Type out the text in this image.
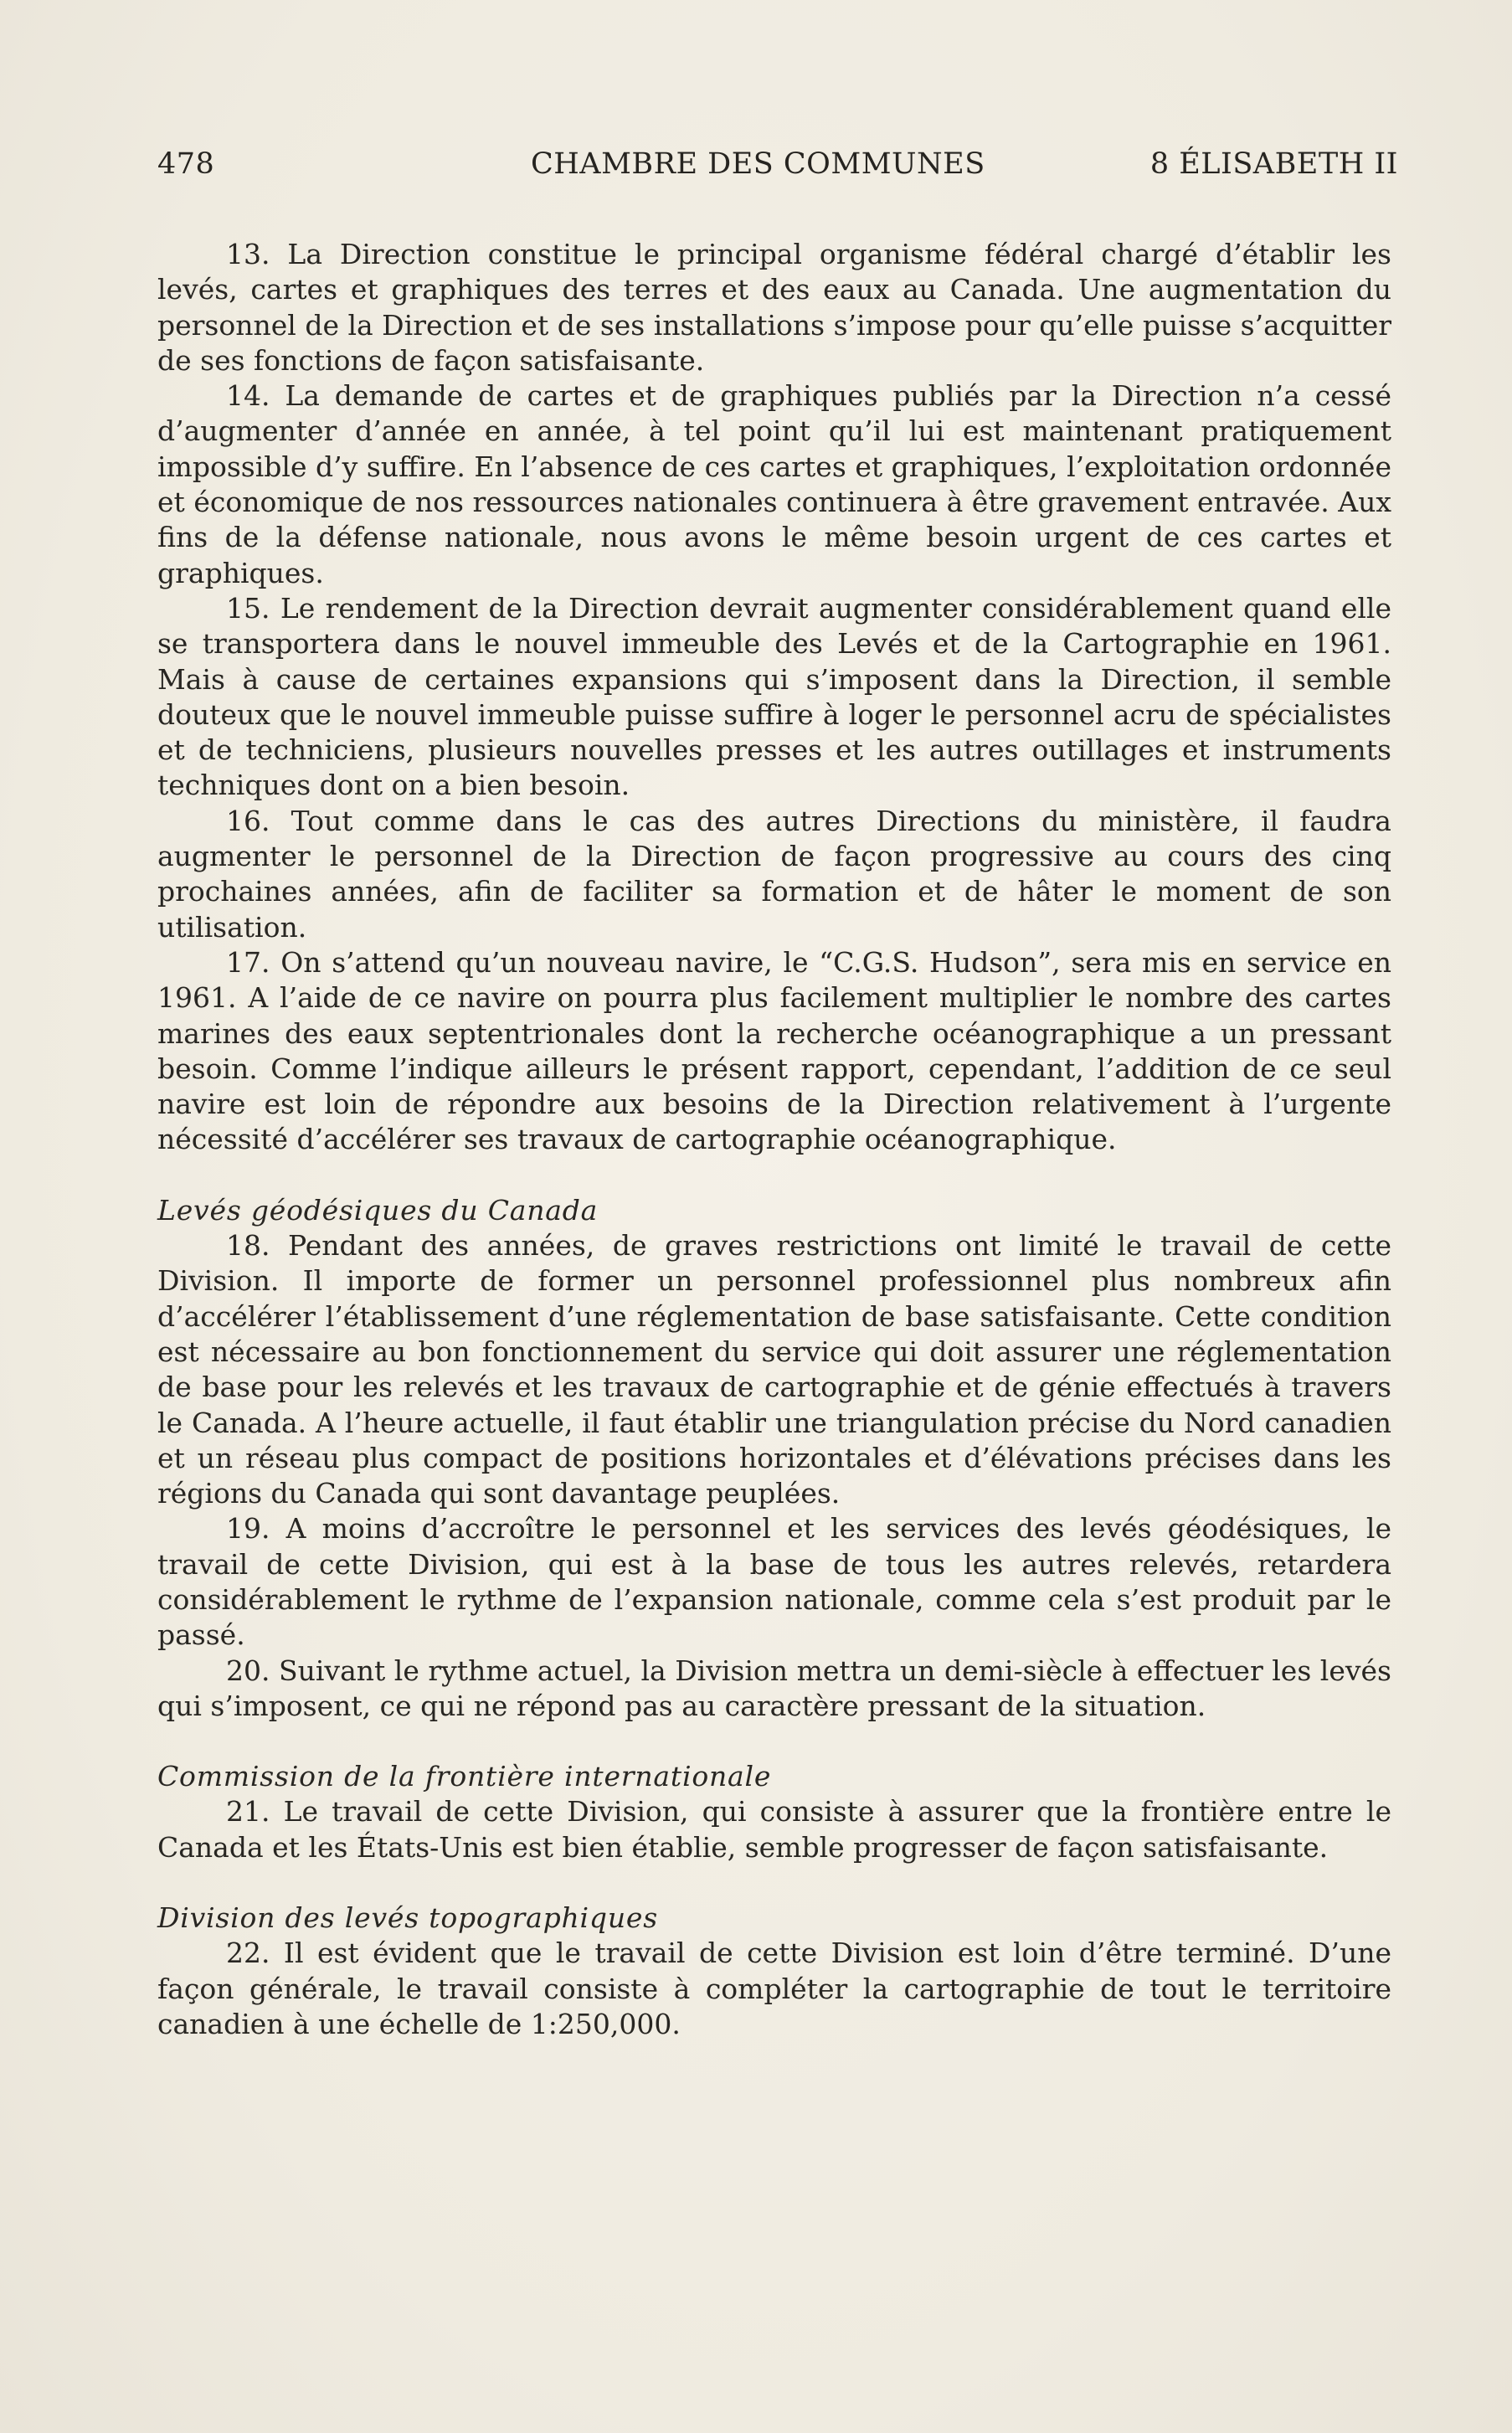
478	CHAMBRE DES COMMUNES	8 ÉLISABETH II

13. La Direction constitue le principal organisme fédéral chargé d’établir les levés, cartes et graphiques des terres et des eaux au Canada. Une augmentation du personnel de la Direction et de ses installations s’impose pour qu’elle puisse s’acquitter de ses fonctions de façon satisfaisante.

14. La demande de cartes et de graphiques publiés par la Direction n’a cessé d’augmenter d’année en année, à tel point qu’il lui est maintenant pratiquement impossible d’y suffire. En l’absence de ces cartes et graphiques, l’exploitation ordonnée et économique de nos ressources nationales continuera à être gravement entravée. Aux fins de la défense nationale, nous avons le même besoin urgent de ces cartes et graphiques.

15. Le rendement de la Direction devrait augmenter considérablement quand elle se transportera dans le nouvel immeuble des Levés et de la Cartographie en 1961. Mais à cause de certaines expansions qui s’imposent dans la Direction, il semble douteux que le nouvel immeuble puisse suffire à loger le personnel acru de spécialistes et de techniciens, plusieurs nouvelles presses et les autres outillages et instruments techniques dont on a bien besoin.

16. Tout comme dans le cas des autres Directions du ministère, il faudra augmenter le personnel de la Direction de façon progressive au cours des cinq prochaines années, afin de faciliter sa formation et de hâter le moment de son utilisation.

17. On s’attend qu’un nouveau navire, le “C.G.S. Hudson”, sera mis en service en 1961. A l’aide de ce navire on pourra plus facilement multiplier le nombre des cartes marines des eaux septentrionales dont la recherche océanographique a un pressant besoin. Comme l’indique ailleurs le présent rapport, cependant, l’addition de ce seul navire est loin de répondre aux besoins de la Direction relativement à l’urgente nécessité d’accélérer ses travaux de cartographie océanographique.

Levés géodésiques du Canada

18. Pendant des années, de graves restrictions ont limité le travail de cette Division. Il importe de former un personnel professionnel plus nombreux afin d’accélérer l’établissement d’une réglementation de base satisfaisante. Cette condition est nécessaire au bon fonctionnement du service qui doit assurer une réglementation de base pour les relevés et les travaux de cartographie et de génie effectués à travers le Canada. A l’heure actuelle, il faut établir une triangulation précise du Nord canadien et un réseau plus compact de positions horizontales et d’élévations précises dans les régions du Canada qui sont davantage peuplées.

19. A moins d’accroître le personnel et les services des levés géodésiques, le travail de cette Division, qui est à la base de tous les autres relevés, retardera considérablement le rythme de l’expansion nationale, comme cela s’est produit par le passé.

20. Suivant le rythme actuel, la Division mettra un demi-siècle à effectuer les levés qui s’imposent, ce qui ne répond pas au caractère pressant de la situation.

Commission de la frontière internationale

21. Le travail de cette Division, qui consiste à assurer que la frontière entre le Canada et les États-Unis est bien établie, semble progresser de façon satisfaisante.

Division des levés topographiques

22. Il est évident que le travail de cette Division est loin d’être terminé. D’une façon générale, le travail consiste à compléter la cartographie de tout le territoire canadien à une échelle de 1:250,000.
